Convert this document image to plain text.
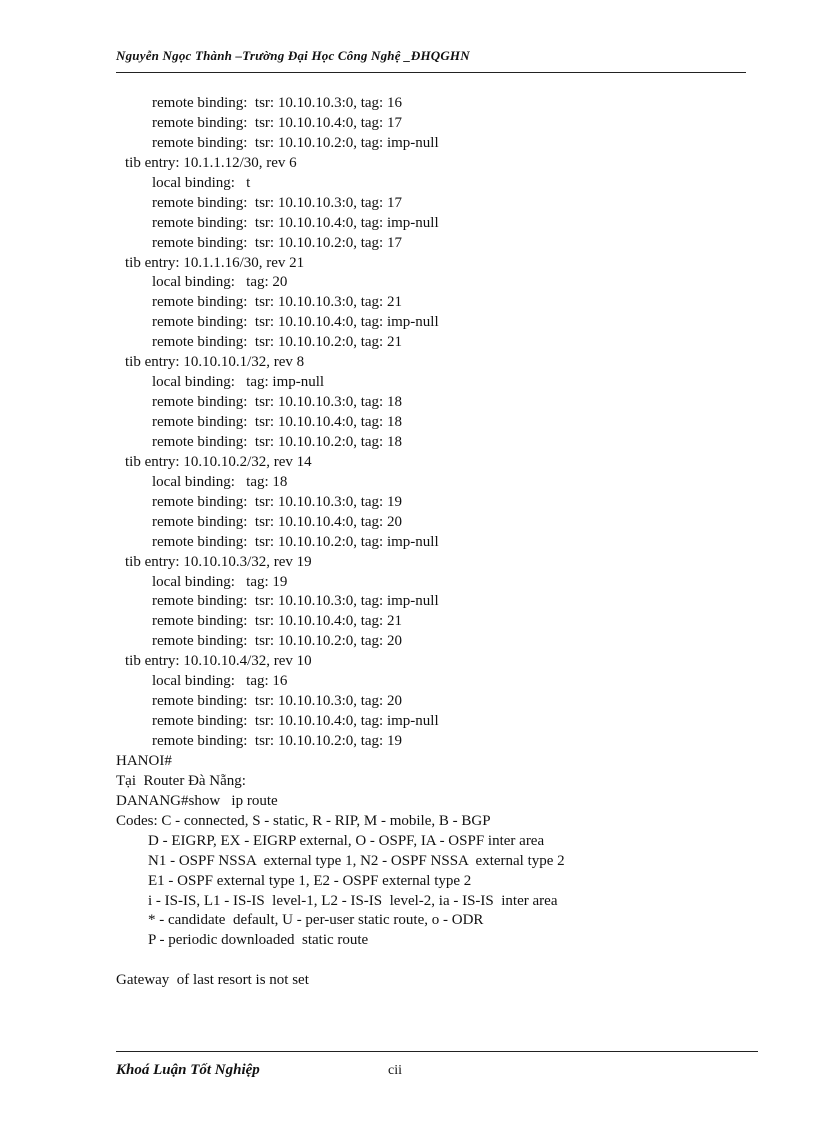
Nguyễn Ngọc Thành –Trường Đại Học Công Nghệ _ĐHQGHN
remote binding:  tsr: 10.10.10.3:0, tag: 16
remote binding:  tsr: 10.10.10.4:0, tag: 17
remote binding:  tsr: 10.10.10.2:0, tag: imp-null
tib entry: 10.1.1.12/30, rev 6
local binding:   t
remote binding:  tsr: 10.10.10.3:0, tag: 17
remote binding:  tsr: 10.10.10.4:0, tag: imp-null
remote binding:  tsr: 10.10.10.2:0, tag: 17
tib entry: 10.1.1.16/30, rev 21
local binding:   tag: 20
remote binding:  tsr: 10.10.10.3:0, tag: 21
remote binding:  tsr: 10.10.10.4:0, tag: imp-null
remote binding:  tsr: 10.10.10.2:0, tag: 21
tib entry: 10.10.10.1/32, rev 8
local binding:   tag: imp-null
remote binding:  tsr: 10.10.10.3:0, tag: 18
remote binding:  tsr: 10.10.10.4:0, tag: 18
remote binding:  tsr: 10.10.10.2:0, tag: 18
tib entry: 10.10.10.2/32, rev 14
local binding:   tag: 18
remote binding:  tsr: 10.10.10.3:0, tag: 19
remote binding:  tsr: 10.10.10.4:0, tag: 20
remote binding:  tsr: 10.10.10.2:0, tag: imp-null
tib entry: 10.10.10.3/32, rev 19
local binding:   tag: 19
remote binding:  tsr: 10.10.10.3:0, tag: imp-null
remote binding:  tsr: 10.10.10.4:0, tag: 21
remote binding:  tsr: 10.10.10.2:0, tag: 20
tib entry: 10.10.10.4/32, rev 10
local binding:   tag: 16
remote binding:  tsr: 10.10.10.3:0, tag: 20
remote binding:  tsr: 10.10.10.4:0, tag: imp-null
remote binding:  tsr: 10.10.10.2:0, tag: 19
HANOI#
Tại  Router Đà Nẵng:
DANANG#show   ip route
Codes: C - connected, S - static, R - RIP, M - mobile, B - BGP
D - EIGRP, EX - EIGRP external, O - OSPF, IA - OSPF inter area
N1 - OSPF NSSA  external type 1, N2 - OSPF NSSA  external type 2
E1 - OSPF external type 1, E2 - OSPF external type 2
i - IS-IS, L1 - IS-IS  level-1, L2 - IS-IS  level-2, ia - IS-IS  inter area
* - candidate  default, U - per-user static route, o - ODR
P - periodic downloaded  static route
Gateway  of last resort is not set
Khoá Luận Tốt Nghiệp	cii
